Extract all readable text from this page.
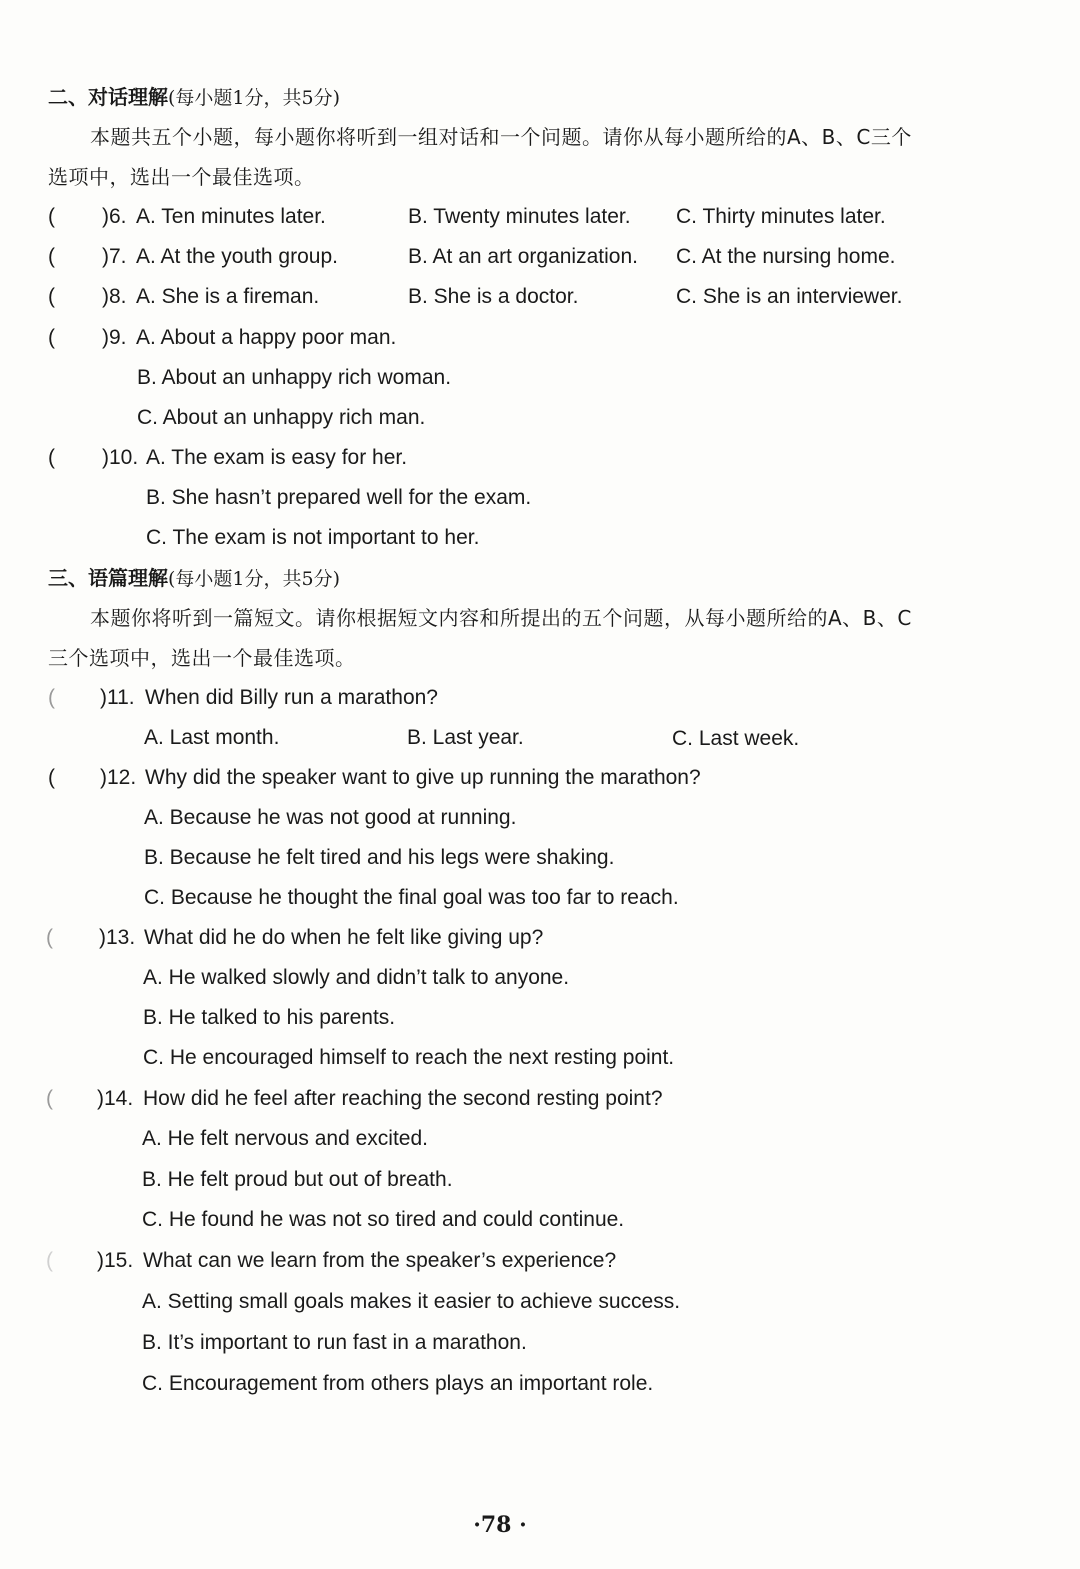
二、对话理解(每小题1分，共5分)
本题共五个小题，每小题你将听到一组对话和一个问题。请你从每小题所给的A、B、C三个
选项中，选出一个最佳选项。
( )6. A. Ten minutes later.	B. Twenty minutes later. C. Thirty minutes later.
( )7. A. At the youth group.	B. At an art organization. C. At the nursing home.
( )8. A. She is a fireman.	B. She is a doctor.	C. She is an interviewer.
( )9. A. About a happy poor man.
B. About an unhappy rich woman.
C. About an unhappy rich man.
( )10. A. The exam is easy for her.
B. She hasn’t prepared well for the exam.
C. The exam is not important to her.
三、语篇理解(每小题1分，共5分)
本题你将听到一篇短文。请你根据短文内容和所提出的五个问题，从每小题所给的A、B、C
三个选项中，选出一个最佳选项。
( )11. When did Billy run a marathon?
A. Last month.	B. Last year.	C. Last week.
( )12. Why did the speaker want to give up running the marathon?
A. Because he was not good at running.
B. Because he felt tired and his legs were shaking.
C. Because he thought the final goal was too far to reach.
( )13. What did he do when he felt like giving up?
A. He walked slowly and didn’t talk to anyone.
B. He talked to his parents.
C. He encouraged himself to reach the next resting point.
( )14. How did he feel after reaching the second resting point?
A. He felt nervous and excited.
B. He felt proud but out of breath.
C. He found he was not so tired and could continue.
( )15. What can we learn from the speaker’s experience?
A. Setting small goals makes it easier to achieve success.
B. It’s important to run fast in a marathon.
C. Encouragement from others plays an important role.
·78 ·
